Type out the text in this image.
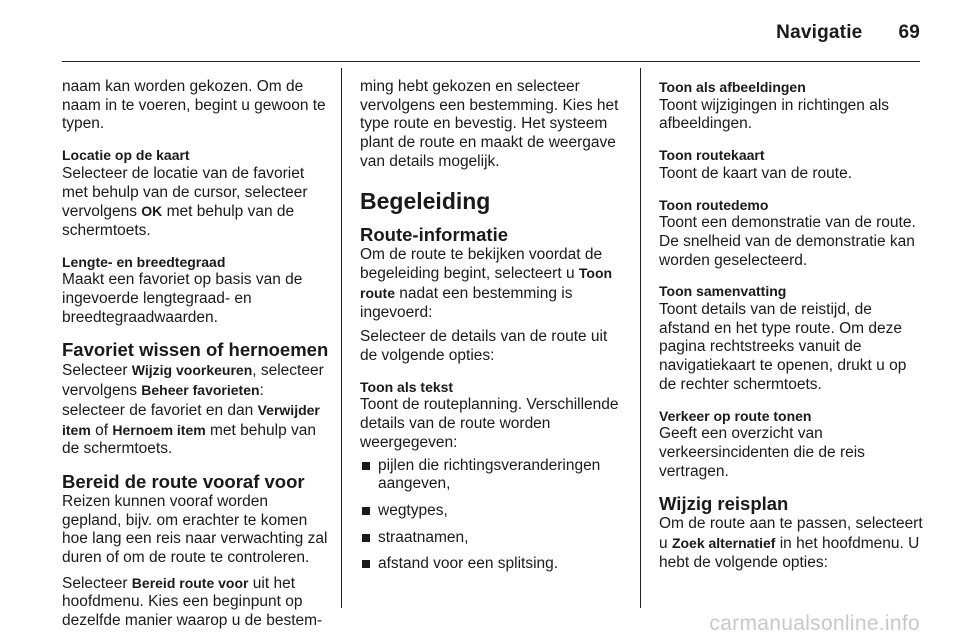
Navigatie 69

naam kan worden gekozen. Om de naam in te voeren, begint u gewoon te typen.

Locatie op de kaart

Selecteer de locatie van de favoriet met behulp van de cursor, selecteer vervolgens OK met behulp van de schermtoets.

Lengte- en breedtegraad

Maakt een favoriet op basis van de ingevoerde lengtegraad- en breedtegraadwaarden.

Favoriet wissen of hernoemen

Selecteer Wijzig voorkeuren, selecteer vervolgens Beheer favorieten: selecteer de favoriet en dan Verwijder item of Hernoem item met behulp van de schermtoets.

Bereid de route vooraf voor

Reizen kunnen vooraf worden gepland, bijv. om erachter te komen hoe lang een reis naar verwachting zal duren of om de route te controleren.

Selecteer Bereid route voor uit het hoofdmenu. Kies een beginpunt op dezelfde manier waarop u de bestem-

ming hebt gekozen en selecteer vervolgens een bestemming. Kies het type route en bevestig. Het systeem plant de route en maakt de weergave van details mogelijk.

Begeleiding
Route-informatie

Om de route te bekijken voordat de begeleiding begint, selecteert u Toon route nadat een bestemming is ingevoerd:

Selecteer de details van de route uit de volgende opties:

Toon als tekst

Toont de routeplanning. Verschillende details van de route worden weergegeven:

pijlen die richtingsveranderingen aangeven,
wegtypes,
straatnamen,
afstand voor een splitsing.
Toon als afbeeldingen

Toont wijzigingen in richtingen als afbeeldingen.

Toon routekaart

Toont de kaart van de route.

Toon routedemo

Toont een demonstratie van de route. De snelheid van de demonstratie kan worden geselecteerd.

Toon samenvatting

Toont details van de reistijd, de afstand en het type route. Om deze pagina rechtstreeks vanuit de navigatiekaart te openen, drukt u op de rechter schermtoets.

Verkeer op route tonen

Geeft een overzicht van verkeersincidenten die de reis vertragen.

Wijzig reisplan

Om de route aan te passen, selecteert u Zoek alternatief in het hoofdmenu. U hebt de volgende opties:

carmanualsonline.info
